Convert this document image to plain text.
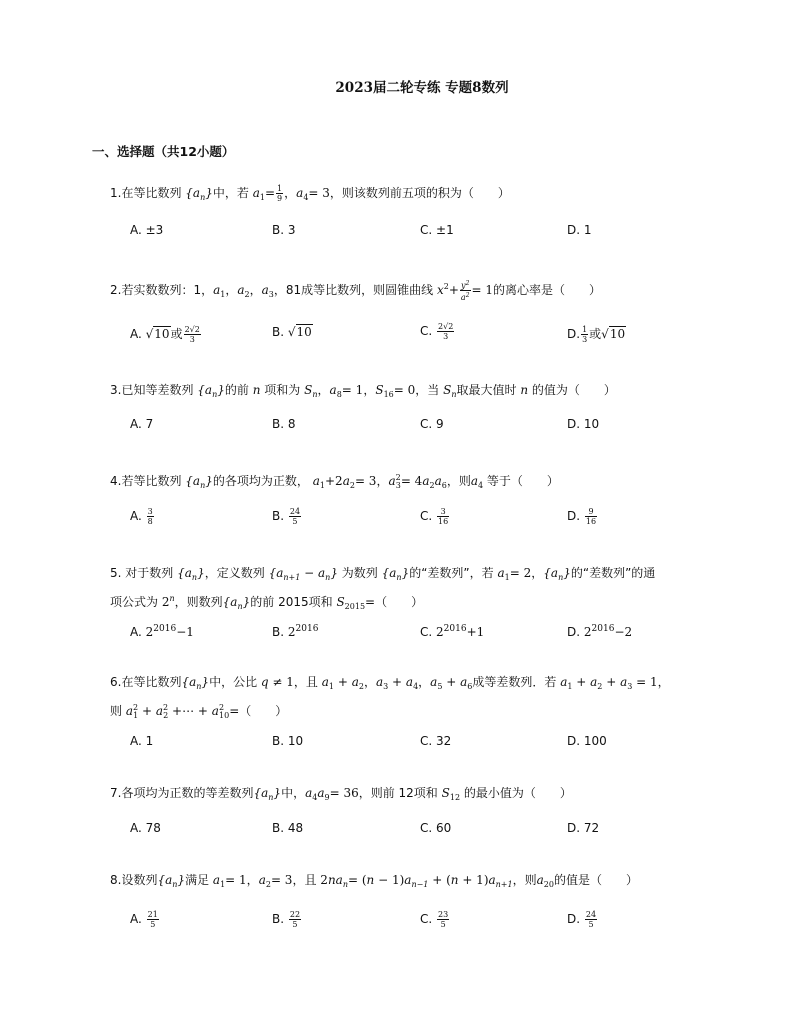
2023届二轮专练 专题8数列
一、选择题（共12小题）
1.在等比数列 $\{a_n\}$中，若 $a_1= \frac{1}{9}$ ，$a_4= 3$，则该数列前五项的积为（　　）
A. ±3	B. 3	C. ±1	D. 1
2.若实数数列：1，$a_1$，$a_2$，$a_3$，81成等比数列，则圆锥曲线 $x^2+ \frac{y^2}{a^2} = 1$的离心率是（　　）
A. √10或 $\frac{2√2}{3}$	B. √10	C. $\frac{2√2}{3}$	D. $\frac{1}{3}$ 或√10
3.已知等差数列 $\{a_n\}$的前 n 项和为 $S_n$，$a_8= 1$，$S_{16}= 0$，当 $S_n$取最大值时 n 的值为（　　）
A. 7	B. 8	C. 9	D. 10
4.若等比数列 $\{a_n\}$的各项均为正数， $a_1+2a_2= 3$，$a^2_3= 4a_2a_6$，则$a_4$ 等于（　　）
A. $\frac{3}{8}$	B. $\frac{24}{5}$	C. $\frac{3}{16}$	D. $\frac{9}{16}$
5. 对于数列 $\{a_n\}$，定义数列 $\{a_{n+1} - a_n\}$ 为数列 $\{a_n\}$的“差数列”，若 $a_1= 2$，$\{a_n\}$的“差数列”的通
项公式为 2$^n$，则数列$\{a_n\}$的前 2015项和 $S_{2015}=$（　　）
A. $2^{2016}-1$	B. $2^{2016}$	C. $2^{2016}+1$	D. $2^{2016}-2$
6.在等比数列$\{a_n\}$中，公比 q ≠ 1，且 $a_1 + a_2$，$a_3 + a_4$，$a_5 + a_6$成等差数列．若 $a_1 + a_2 + a_3 = 1$，
则 $a^2_1 + a^2_2$ +⋯ + $a^2_{10}=$（　　）
A. 1	B. 10	C. 32	D. 100
7.各项均为正数的等差数列$\{a_n\}$中，$a_4a_9= 36$，则前 12项和 $S_{12}$ 的最小值为（　　）
A. 78	B. 48	C. 60	D. 72
8.设数列$\{a_n\}$满足 $a_1= 1$，$a_2= 3$，且 $2na_n= (n - 1)a_{n-1} + (n + 1)a_{n+1}$，则$a_{20}$的值是（　　）
A. $\frac{21}{5}$	B. $\frac{22}{5}$	C. $\frac{23}{5}$	D. $\frac{24}{5}$
